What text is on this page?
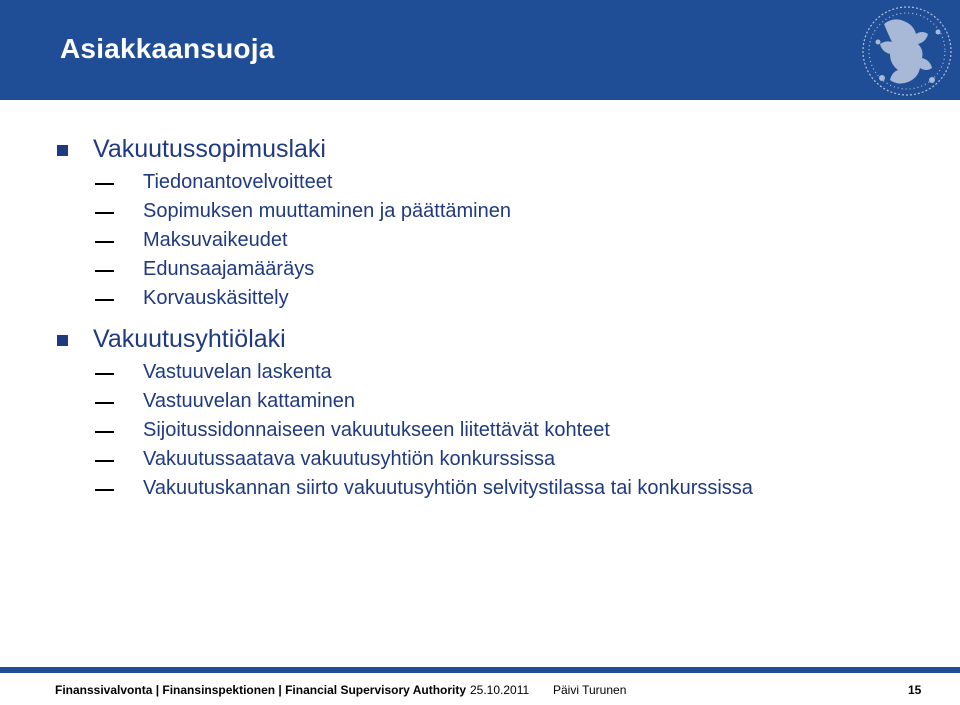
Asiakkaansuoja
Vakuutussopimuslaki
Tiedonantovelvoitteet
Sopimuksen muuttaminen ja päättäminen
Maksuvaikeudet
Edunsaajamääräys
Korvauskäsittely
Vakuutusyhtiölaki
Vastuuvelan laskenta
Vastuuvelan kattaminen
Sijoitussidonnaiseen vakuutukseen liitettävät kohteet
Vakuutussaatava vakuutusyhtiön konkurssissa
Vakuutuskannan siirto vakuutusyhtiön selvitystilassa tai konkurssissa
Finanssivalvonta | Finansinspektionen | Financial Supervisory Authority 25.10.2011 Päivi Turunen	15
